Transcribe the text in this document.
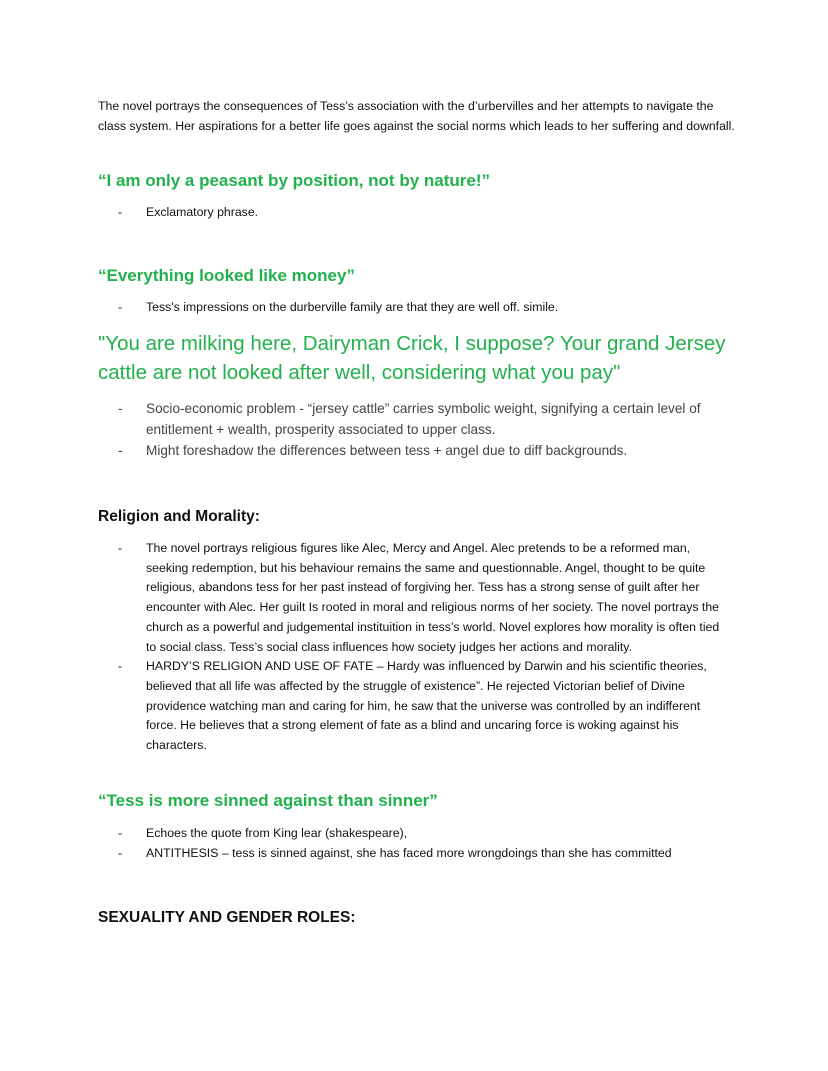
The novel portrays the consequences of Tess’s association with the d’urbervilles and her attempts to navigate the class system. Her aspirations for a better life goes against the social norms which leads to her suffering and downfall.

“I am only a peasant by position, not by nature!”
- Exclamatory phrase.
“Everything looked like money”
- Tess's impressions on the durberville family are that they are well off. simile.
"You are milking here, Dairyman Crick, I suppose? Your grand Jersey cattle are not looked after well, considering what you pay"
- Socio-economic problem - “jersey cattle” carries symbolic weight, signifying a certain level of entitlement + wealth, prosperity associated to upper class.
- Might foreshadow the differences between tess + angel due to diff backgrounds.
Religion and Morality:
- The novel portrays religious figures like Alec, Mercy and Angel. Alec pretends to be a reformed man, seeking redemption, but his behaviour remains the same and questionnable. Angel, thought to be quite religious, abandons tess for her past instead of forgiving her. Tess has a strong sense of guilt after her encounter with Alec. Her guilt Is rooted in moral and religious norms of her society. The novel portrays the church as a powerful and judgemental instituition in tess’s world. Novel explores how morality is often tied to social class. Tess’s social class influences how society judges her actions and morality.
- HARDY’S RELIGION AND USE OF FATE – Hardy was influenced by Darwin and his scientific theories, believed that all life was affected by the struggle of existence”. He rejected Victorian belief of Divine providence watching man and caring for him, he saw that the universe was controlled by an indifferent force. He believes that a strong element of fate as a blind and uncaring force is woking against his characters.
“Tess is more sinned against than sinner”
- Echoes the quote from King lear (shakespeare),
- ANTITHESIS – tess is sinned against, she has faced more wrongdoings than she has committed
SEXUALITY AND GENDER ROLES:
